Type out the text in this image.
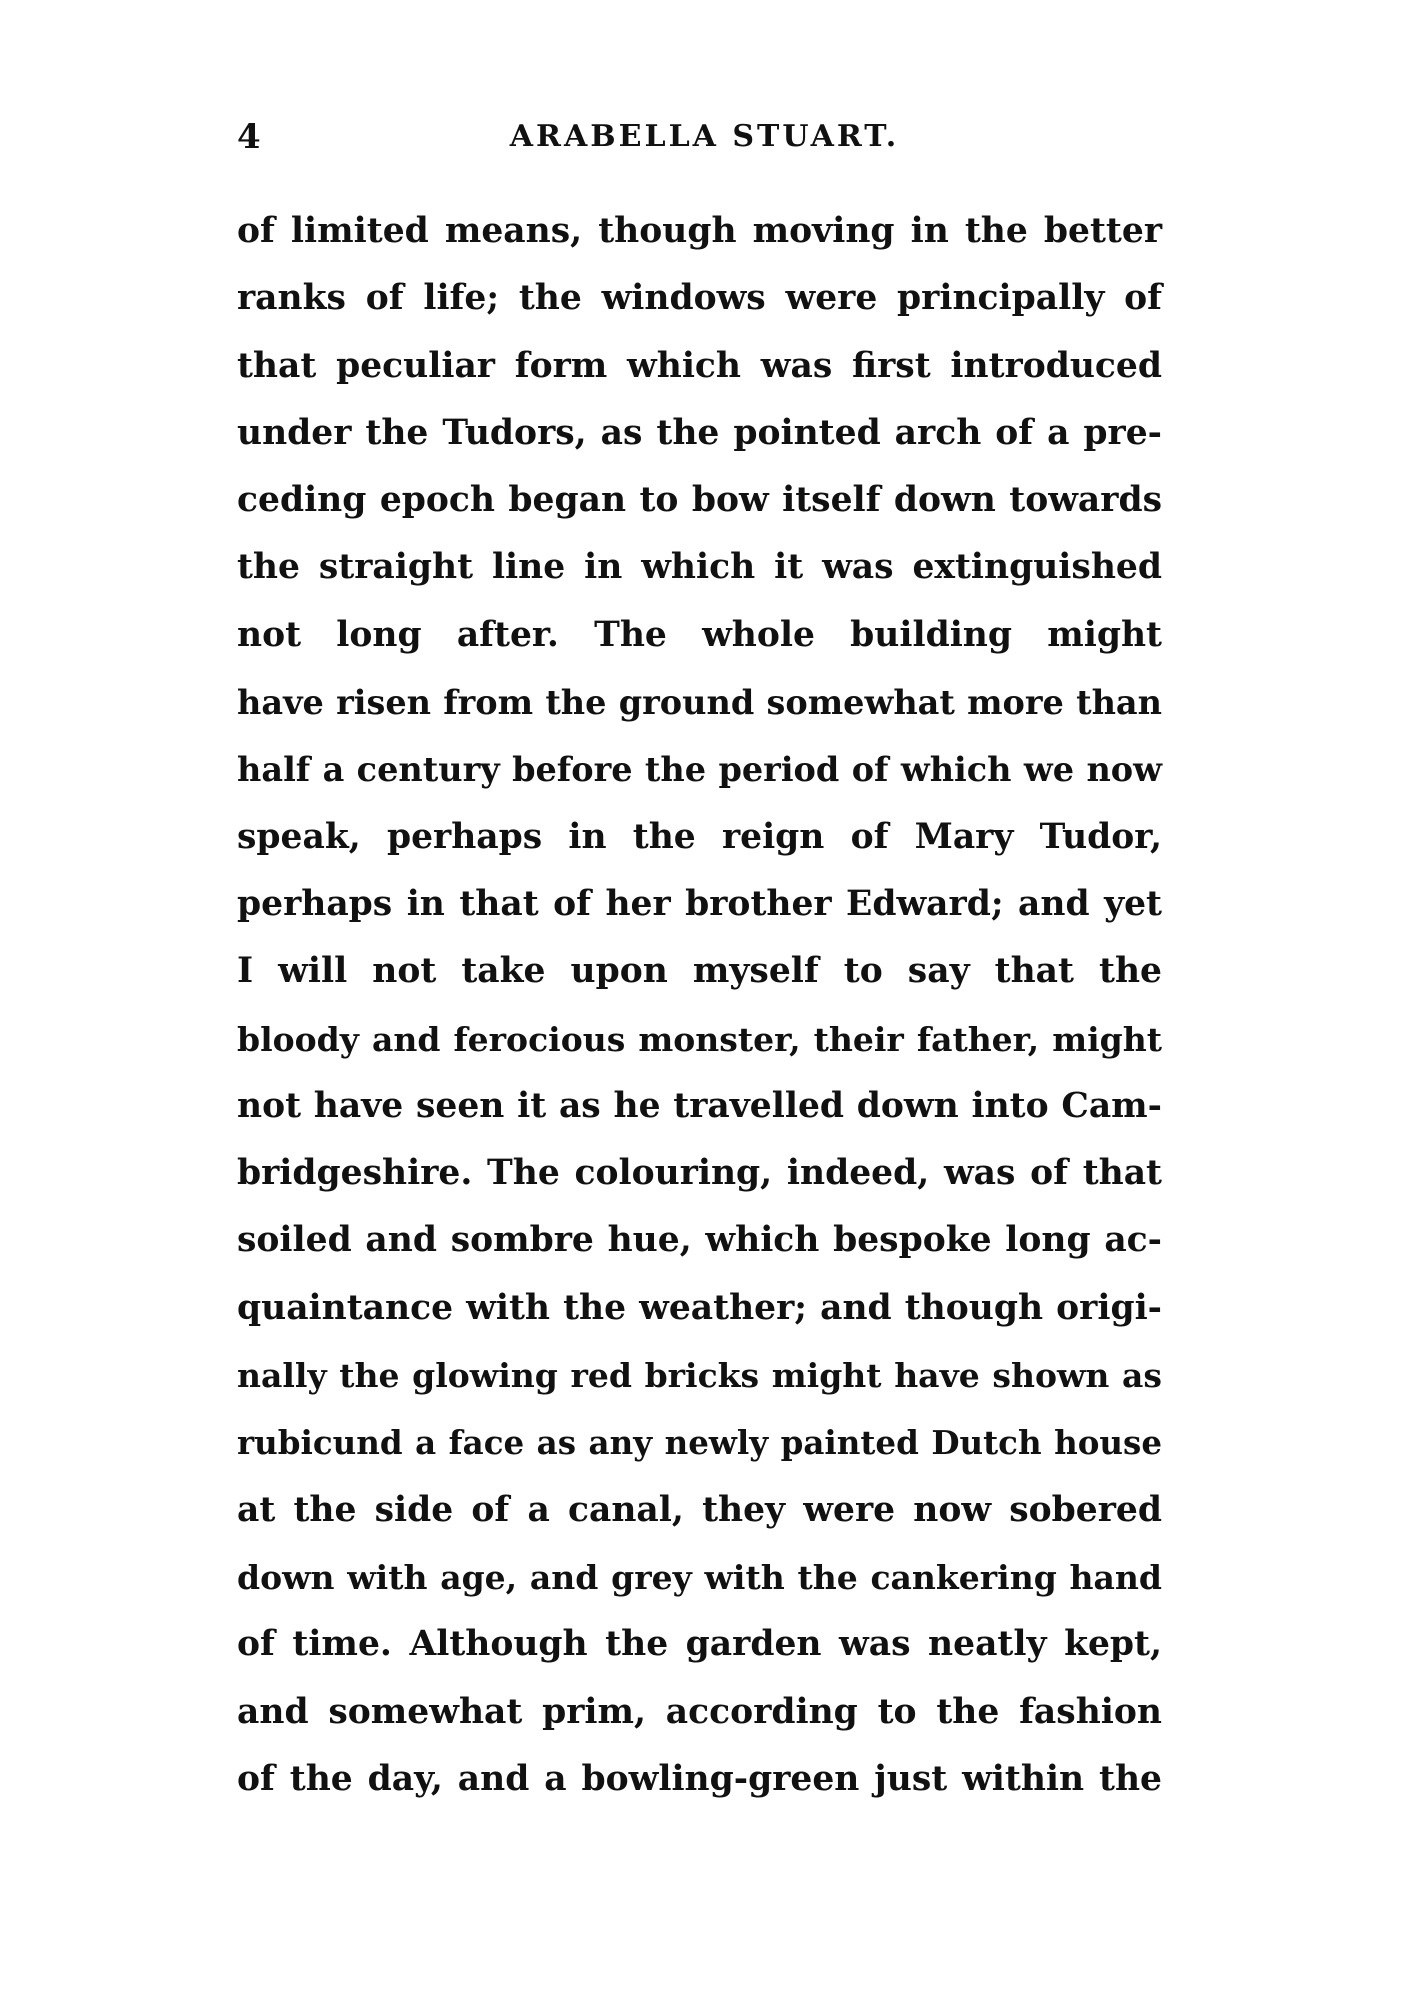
4	ARABELLA STUART.
of limited means, though moving in the better
ranks of life; the windows were principally of
that peculiar form which was first introduced
under the Tudors, as the pointed arch of a pre-
ceding epoch began to bow itself down towards
the straight line in which it was extinguished
not long after. The whole building might
have risen from the ground somewhat more than
half a century before the period of which we now
speak, perhaps in the reign of Mary Tudor,
perhaps in that of her brother Edward; and yet
I will not take upon myself to say that the
bloody and ferocious monster, their father, might
not have seen it as he travelled down into Cam-
bridgeshire. The colouring, indeed, was of that
soiled and sombre hue, which bespoke long ac-
quaintance with the weather; and though origi-
nally the glowing red bricks might have shown as
rubicund a face as any newly painted Dutch house
at the side of a canal, they were now sobered
down with age, and grey with the cankering hand
of time. Although the garden was neatly kept,
and somewhat prim, according to the fashion
of the day, and a bowling-green just within the
